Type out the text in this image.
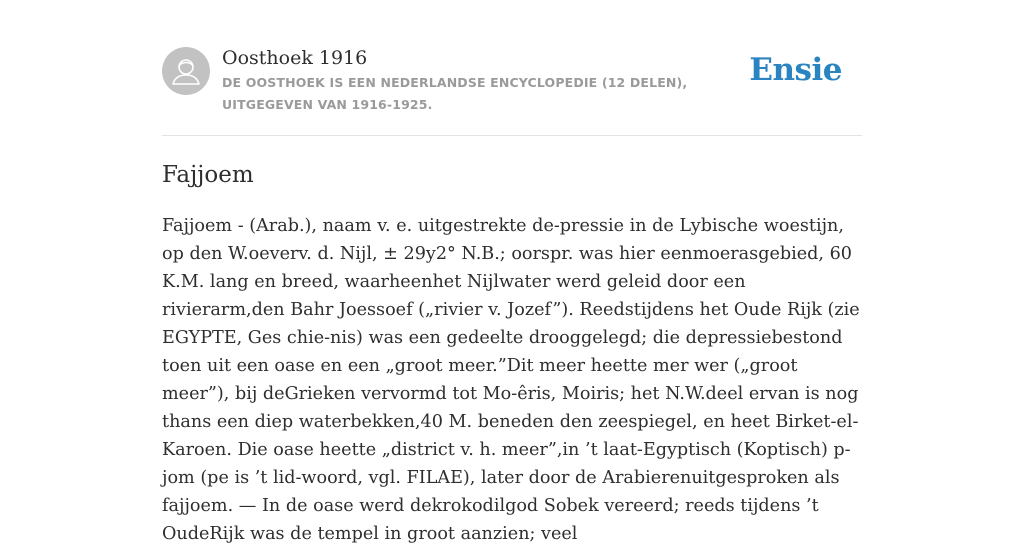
Oosthoek 1916
DE OOSTHOEK IS EEN NEDERLANDSE ENCYCLOPEDIE (12 DELEN), UITGEGEVEN VAN 1916-1925.
Ensie
Fajjoem

Fajjoem - (Arab.), naam v. e. uitgestrekte de-pressie in de Lybische woestijn, op den W.oeverv. d. Nijl, ± 29y2° N.B.; oorspr. was hier eenmoerasgebied, 60 K.M. lang en breed, waarheenhet Nijlwater werd geleid door een rivierarm,den Bahr Joessoef („rivier v. Jozef”). Reedstijdens het Oude Rijk (zie EGYPTE, Ges chie-nis) was een gedeelte drooggelegd; die depressiebestond toen uit een oase en een „groot meer.”Dit meer heette mer wer („groot meer”), bij deGrieken vervormd tot Mo-êris, Moiris; het N.W.deel ervan is nog thans een diep waterbekken,40 M. beneden den zeespiegel, en heet Birket-el-Karoen. Die oase heette „district v. h. meer”,in ’t laat-Egyptisch (Koptisch) p-jom (pe is ’t lid-woord, vgl. FILAE), later door de Arabierenuitgesproken als fajjoem. — In de oase werd dekrokodilgod Sobek vereerd; reeds tijdens ’t OudeRijk was de tempel in groot aanzien; veel
